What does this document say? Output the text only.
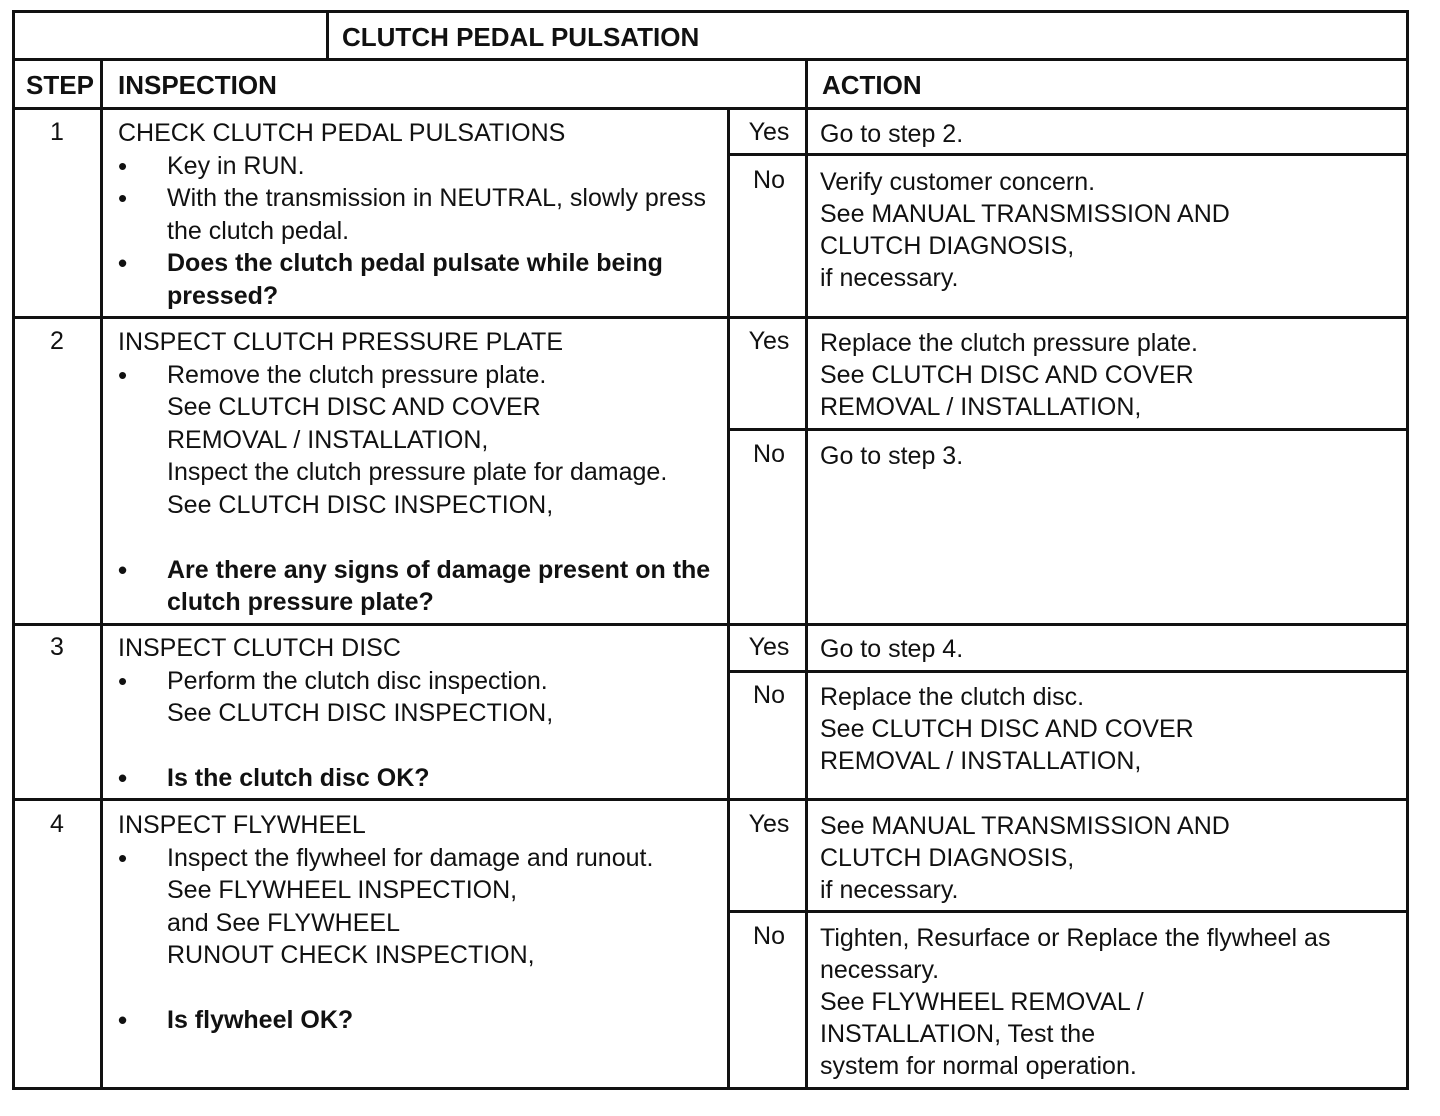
CLUTCH PEDAL PULSATION
STEP INSPECTION	ACTION
1	CHECK CLUTCH PEDAL PULSATIONS
• Key in RUN.
• With the transmission in NEUTRAL, slowly press the clutch pedal.
• Does the clutch pedal pulsate while being pressed?
Yes	Go to step 2.
No	Verify customer concern.
See MANUAL TRANSMISSION AND
CLUTCH DIAGNOSIS,
if necessary.
2	INSPECT CLUTCH PRESSURE PLATE
• Remove the clutch pressure plate.
See CLUTCH DISC AND COVER
REMOVAL / INSTALLATION,
Inspect the clutch pressure plate for damage.
See CLUTCH DISC INSPECTION,
• Are there any signs of damage present on the clutch pressure plate?
Yes	Replace the clutch pressure plate.
See CLUTCH DISC AND COVER
REMOVAL / INSTALLATION,
No	Go to step 3.
3	INSPECT CLUTCH DISC
• Perform the clutch disc inspection.
See CLUTCH DISC INSPECTION,
• Is the clutch disc OK?
Yes	Go to step 4.
No	Replace the clutch disc.
See CLUTCH DISC AND COVER
REMOVAL / INSTALLATION,
4	INSPECT FLYWHEEL
• Inspect the flywheel for damage and runout.
See FLYWHEEL INSPECTION,
and See FLYWHEEL
RUNOUT CHECK INSPECTION,
• Is flywheel OK?
Yes	See MANUAL TRANSMISSION AND
CLUTCH DIAGNOSIS,
if necessary.
No	Tighten, Resurface or Replace the flywheel as necessary.
See FLYWHEEL REMOVAL /
INSTALLATION, Test the
system for normal operation.
